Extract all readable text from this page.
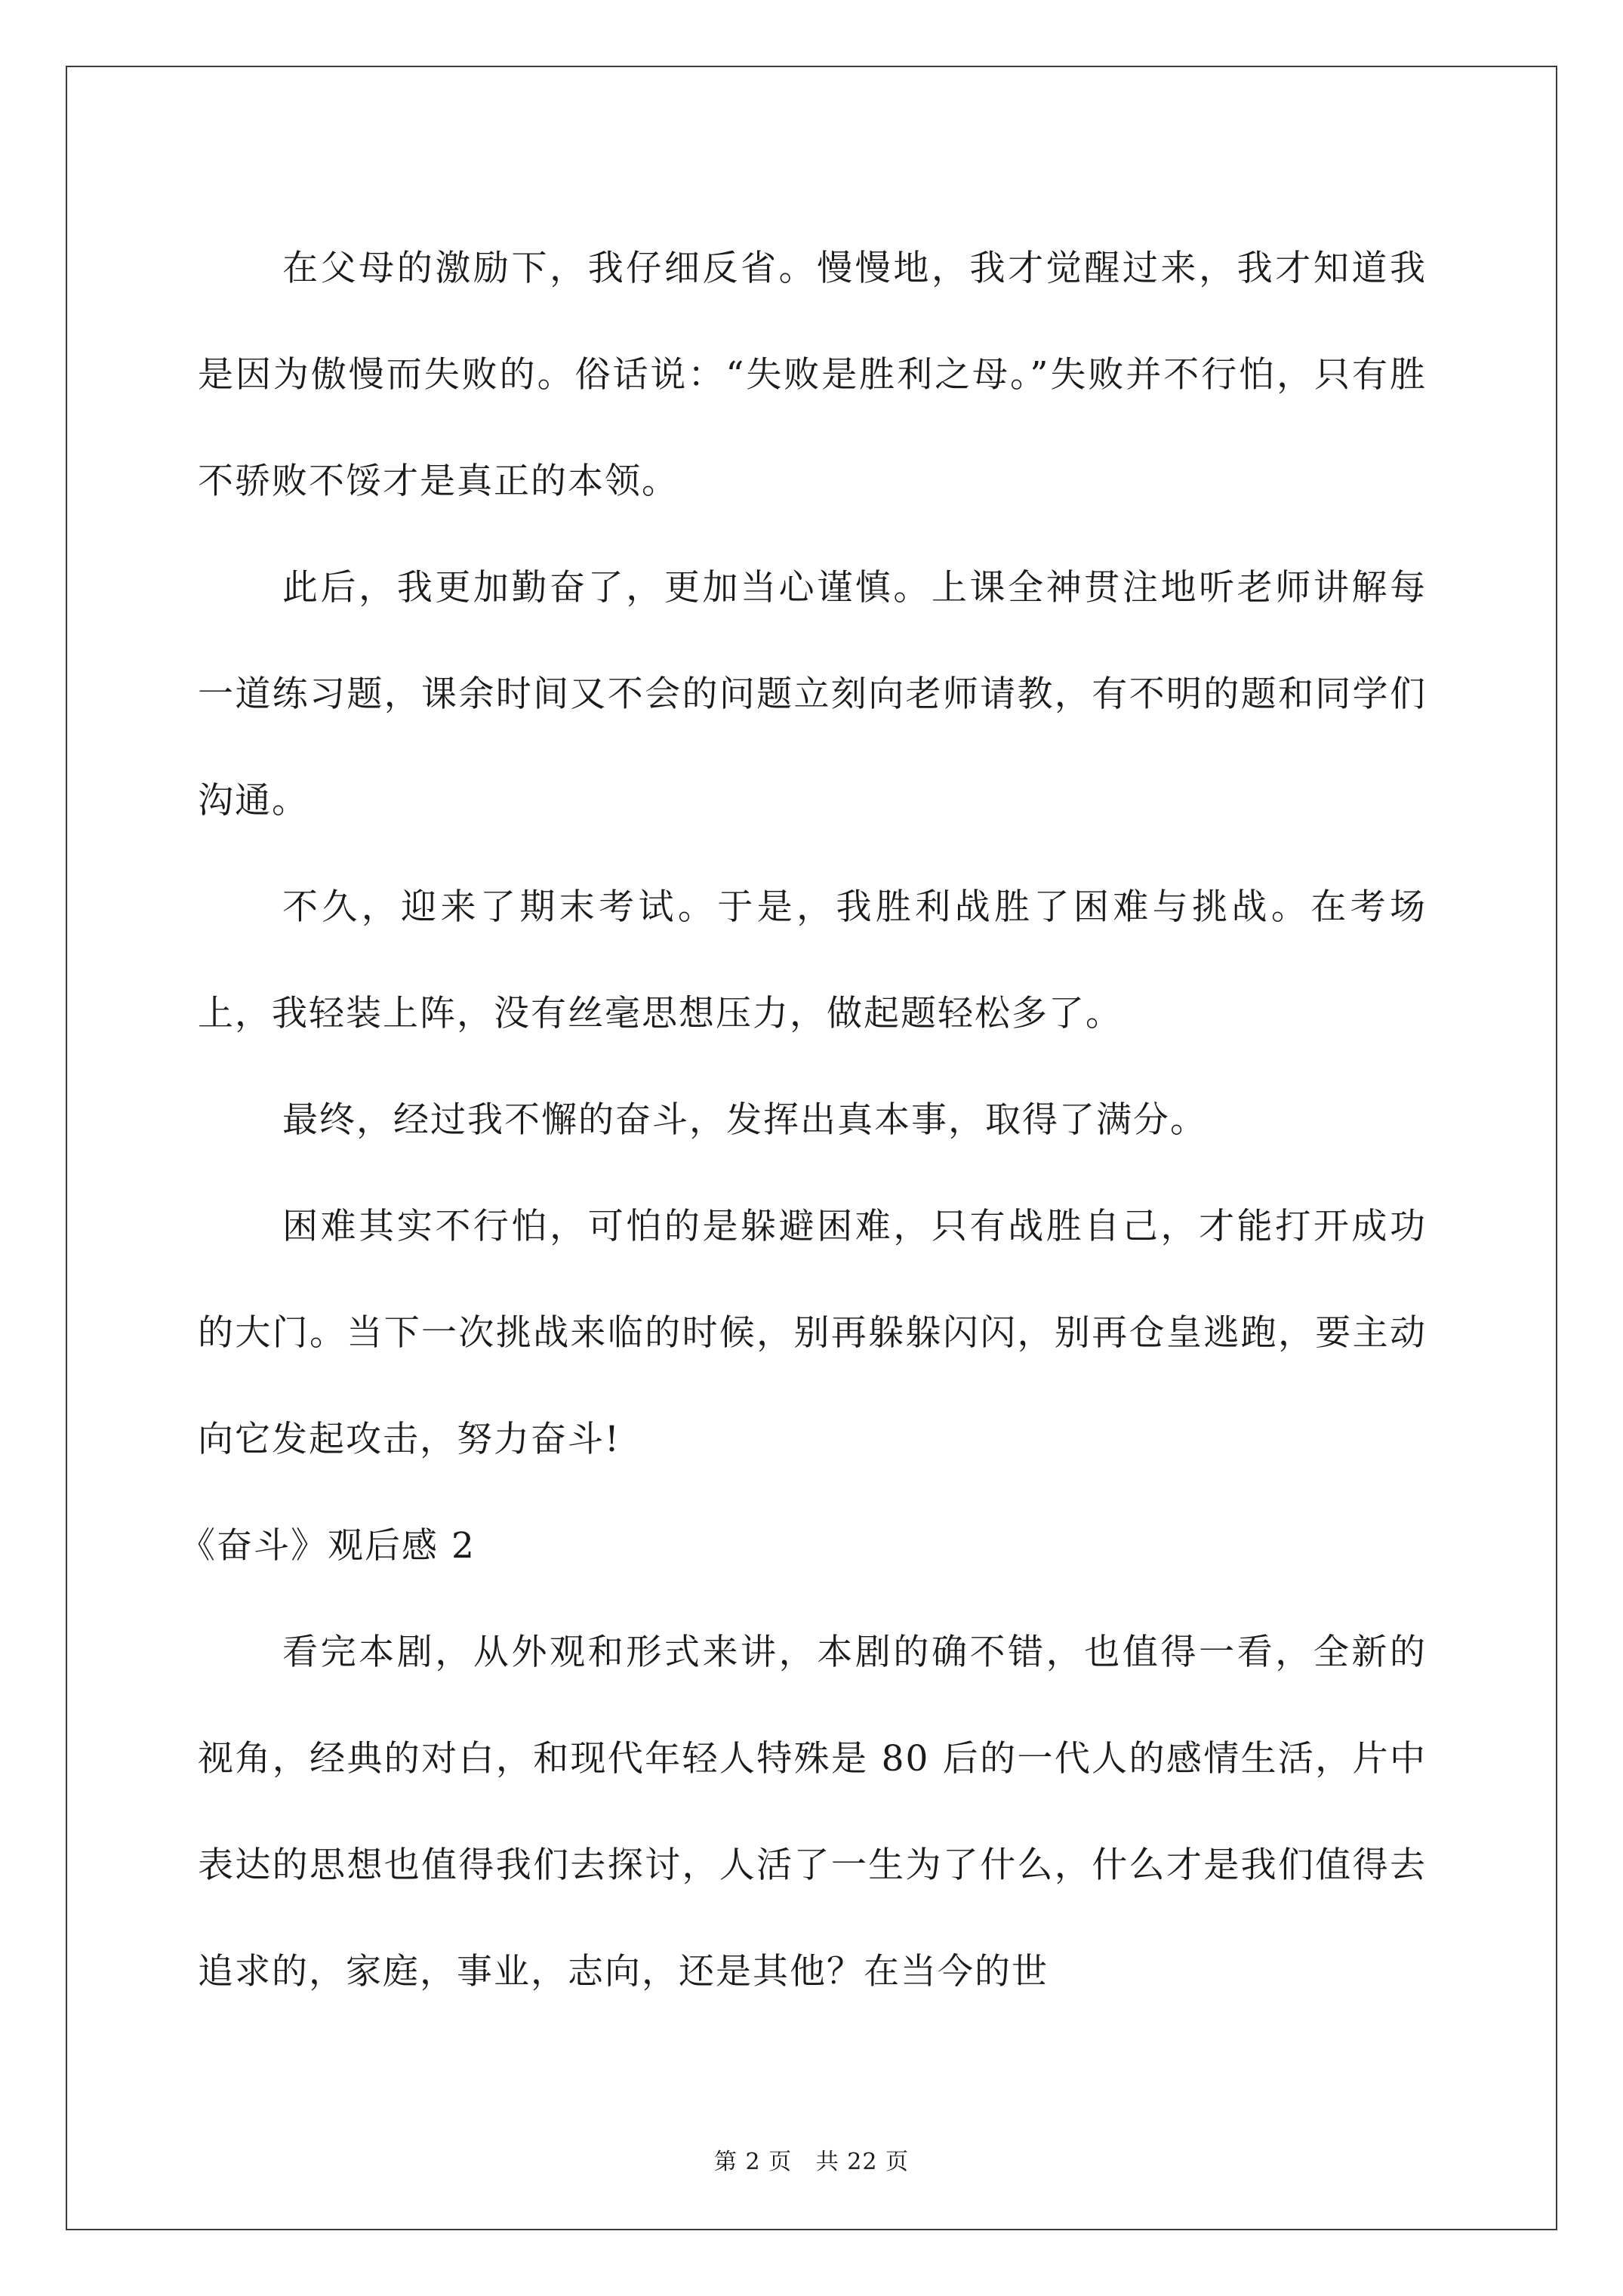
在父母的激励下，我仔细反省。慢慢地，我才觉醒过来，我才知道我是因为傲慢而失败的。俗话说：“失败是胜利之母。”失败并不行怕，只有胜不骄败不馁才是真正的本领。

此后，我更加勤奋了，更加当心谨慎。上课全神贯注地听老师讲解每一道练习题，课余时间又不会的问题立刻向老师请教，有不明的题和同学们沟通。

不久，迎来了期末考试。于是，我胜利战胜了困难与挑战。在考场上，我轻装上阵，没有丝毫思想压力，做起题轻松多了。

最终，经过我不懈的奋斗，发挥出真本事，取得了满分。

困难其实不行怕，可怕的是躲避困难，只有战胜自己，才能打开成功的大门。当下一次挑战来临的时候，别再躲躲闪闪，别再仓皇逃跑，要主动向它发起攻击，努力奋斗!

《奋斗》观后感 2

看完本剧，从外观和形式来讲，本剧的确不错，也值得一看，全新的视角，经典的对白，和现代年轻人特殊是 80 后的一代人的感情生活，片中表达的思想也值得我们去探讨，人活了一生为了什么，什么才是我们值得去追求的，家庭，事业，志向，还是其他？在当今的世

第 2 页 共 22 页
